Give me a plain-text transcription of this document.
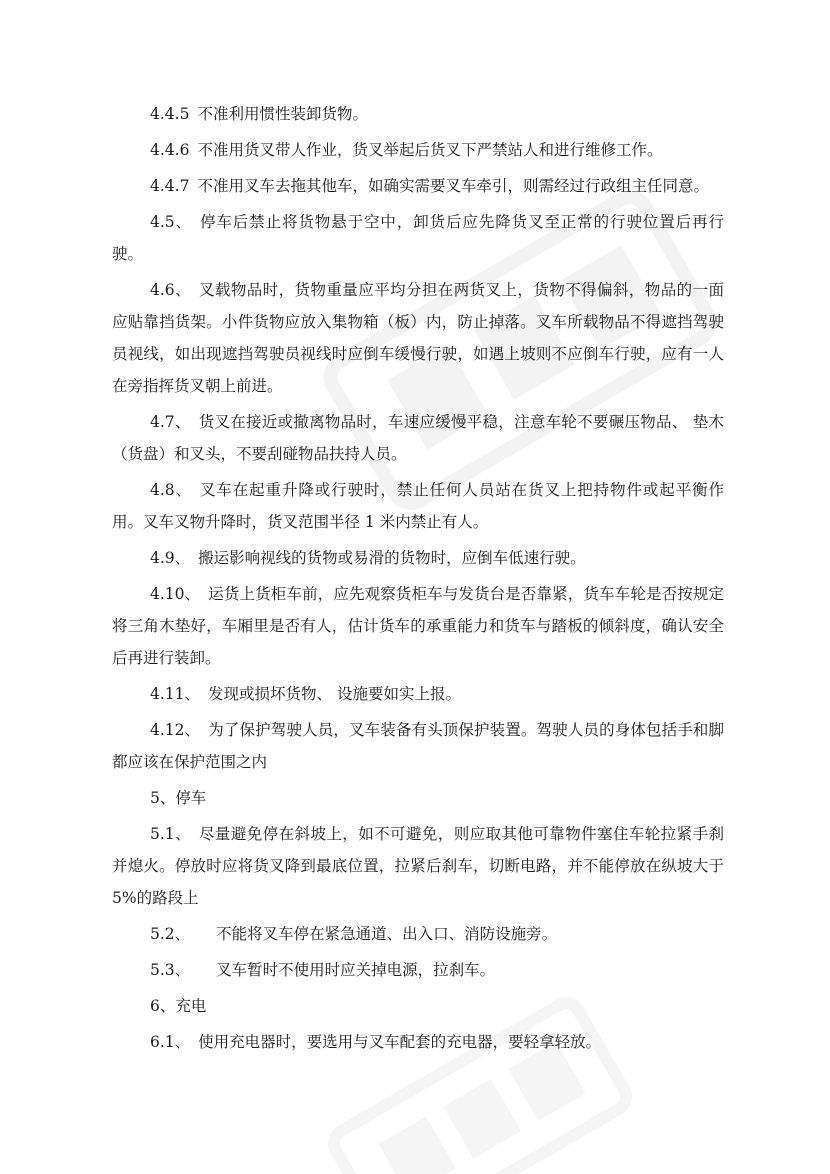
4.4.5 不准利用惯性装卸货物。

4.4.6 不准用货叉带人作业，货叉举起后货叉下严禁站人和进行维修工作。

4.4.7 不准用叉车去拖其他车，如确实需要叉车牵引，则需经过行政组主任同意。

4.5、 停车后禁止将货物悬于空中，卸货后应先降货叉至正常的行驶位置后再行驶。

4.6、 叉载物品时，货物重量应平均分担在两货叉上，货物不得偏斜，物品的一面应贴靠挡货架。小件货物应放入集物箱（板）内，防止掉落。叉车所载物品不得遮挡驾驶员视线，如出现遮挡驾驶员视线时应倒车缓慢行驶，如遇上坡则不应倒车行驶，应有一人在旁指挥货叉朝上前进。

4.7、 货叉在接近或撤离物品时，车速应缓慢平稳，注意车轮不要碾压物品、 垫木（货盘）和叉头，不要刮碰物品扶持人员。

4.8、 叉车在起重升降或行驶时，禁止任何人员站在货叉上把持物件或起平衡作用。叉车叉物升降时，货叉范围半径 1 米内禁止有人。

4.9、 搬运影响视线的货物或易滑的货物时，应倒车低速行驶。

4.10、 运货上货柜车前，应先观察货柜车与发货台是否靠紧，货车车轮是否按规定将三角木垫好，车厢里是否有人，估计货车的承重能力和货车与踏板的倾斜度，确认安全后再进行装卸。

4.11、 发现或损坏货物、 设施要如实上报。

4.12、 为了保护驾驶人员，叉车装备有头顶保护装置。驾驶人员的身体包括手和脚都应该在保护范围之内

5、停车

5.1、 尽量避免停在斜坡上，如不可避免，则应取其他可靠物件塞住车轮拉紧手刹并熄火。停放时应将货叉降到最底位置，拉紧后刹车，切断电路，并不能停放在纵坡大于 5%的路段上

5.2、 不能将叉车停在紧急通道、出入口、消防设施旁。

5.3、 叉车暂时不使用时应关掉电源，拉刹车。

6、充电

6.1、 使用充电器时，要选用与叉车配套的充电器，要轻拿轻放。
